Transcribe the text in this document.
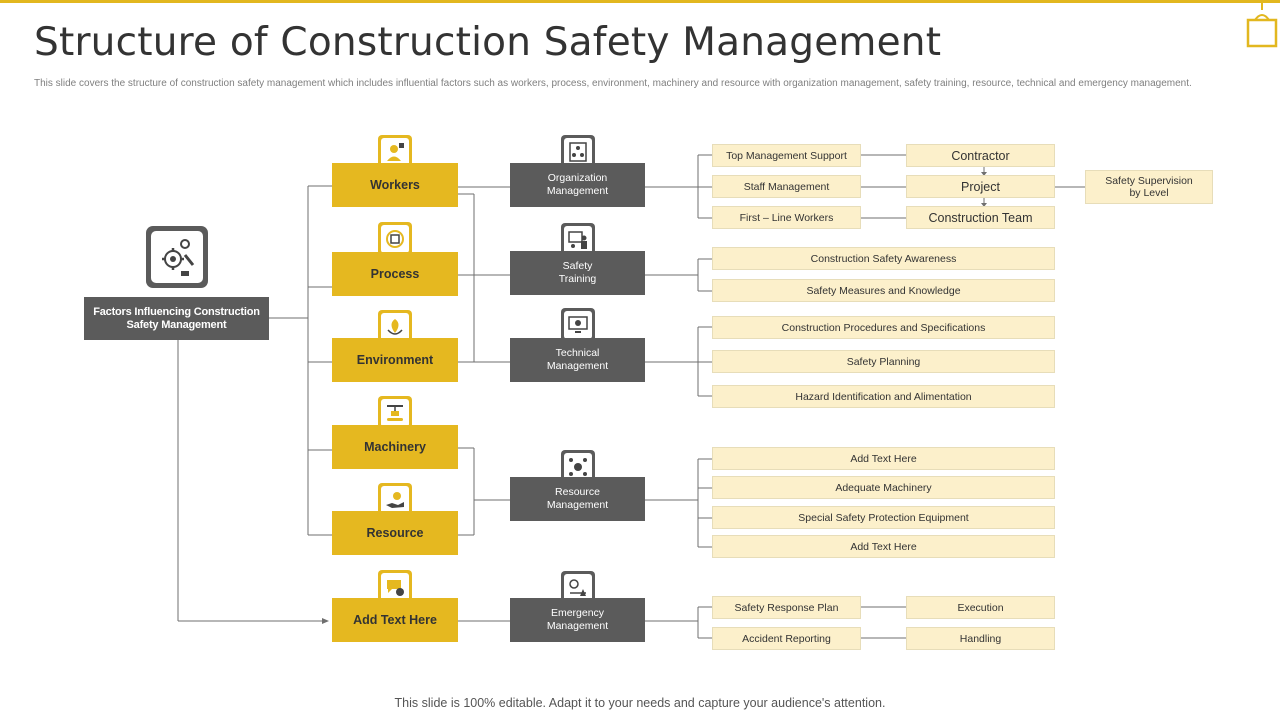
Structure of Construction Safety Management
This slide covers the structure of construction safety management which includes influential factors such as workers, process, environment, machinery and resource with organization management, safety training, resource, technical and emergency management.
Factors Influencing Construction Safety Management
Workers
Process
Environment
Machinery
Resource
Add Text Here
Organization Management
Safety Training
Technical Management
Resource Management
Emergency Management
Top Management Support
Staff Management
First – Line Workers
Contractor
Project
Construction Team
Safety Supervision by Level
Construction Safety Awareness
Safety Measures and Knowledge
Construction Procedures and Specifications
Safety Planning
Hazard Identification and Alimentation
Add Text Here
Adequate Machinery
Special Safety Protection Equipment
Add Text Here
Safety Response Plan
Accident Reporting
Execution
Handling
This slide is 100% editable. Adapt it to your needs and capture your audience's attention.
